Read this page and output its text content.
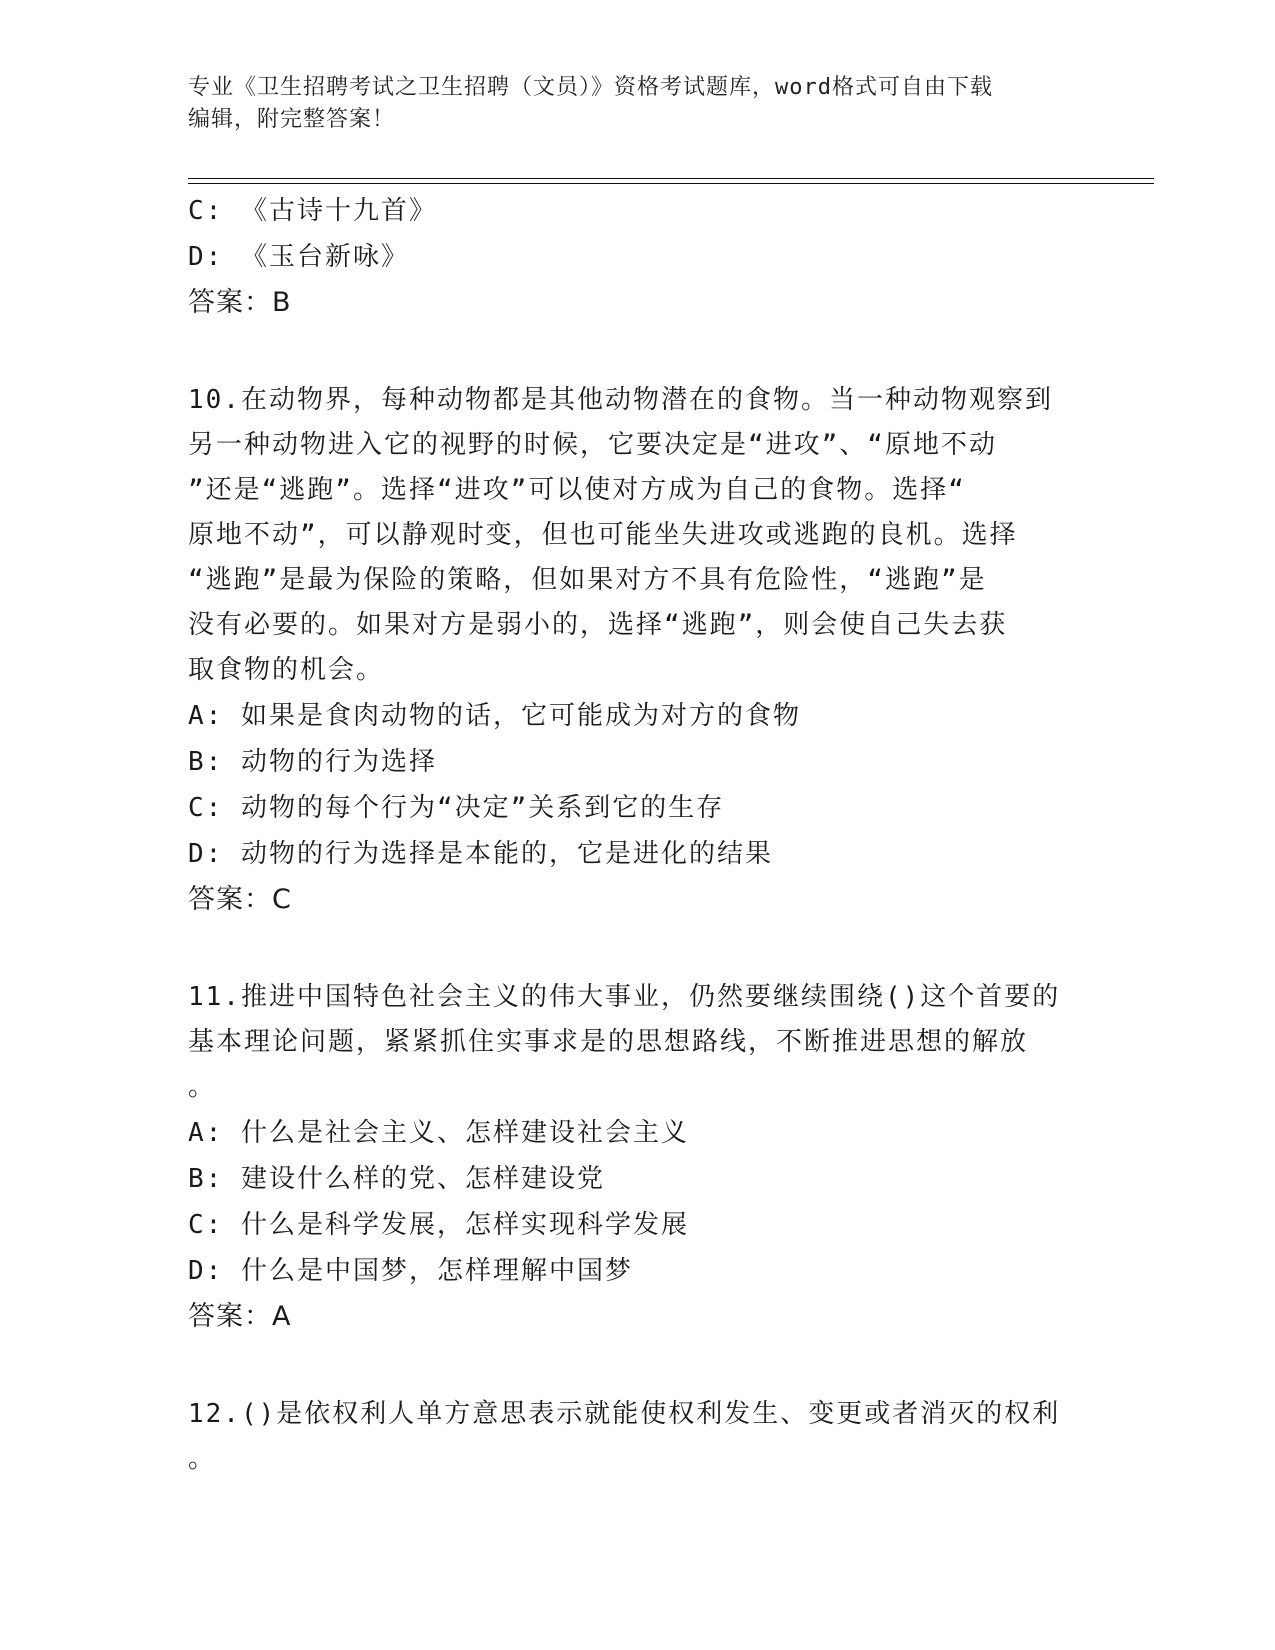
专业《卫生招聘考试之卫生招聘（文员）》资格考试题库，word格式可自由下载
编辑，附完整答案！
C: 《古诗十九首》
D: 《玉台新咏》
答案：B
10.在动物界，每种动物都是其他动物潜在的食物。当一种动物观察到
另一种动物进入它的视野的时候，它要决定是“进攻”、“原地不动
”还是“逃跑”。选择“进攻”可以使对方成为自己的食物。选择“
原地不动”，可以静观时变，但也可能坐失进攻或逃跑的良机。选择
“逃跑”是最为保险的策略，但如果对方不具有危险性，“逃跑”是
没有必要的。如果对方是弱小的，选择“逃跑”，则会使自己失去获
取食物的机会。
A: 如果是食肉动物的话，它可能成为对方的食物
B: 动物的行为选择
C: 动物的每个行为“决定”关系到它的生存
D: 动物的行为选择是本能的，它是进化的结果
答案：C
11.推进中国特色社会主义的伟大事业，仍然要继续围绕()这个首要的
基本理论问题，紧紧抓住实事求是的思想路线，不断推进思想的解放
。
A: 什么是社会主义、怎样建设社会主义
B: 建设什么样的党、怎样建设党
C: 什么是科学发展，怎样实现科学发展
D: 什么是中国梦，怎样理解中国梦
答案：A
12.()是依权利人单方意思表示就能使权利发生、变更或者消灭的权利
。
